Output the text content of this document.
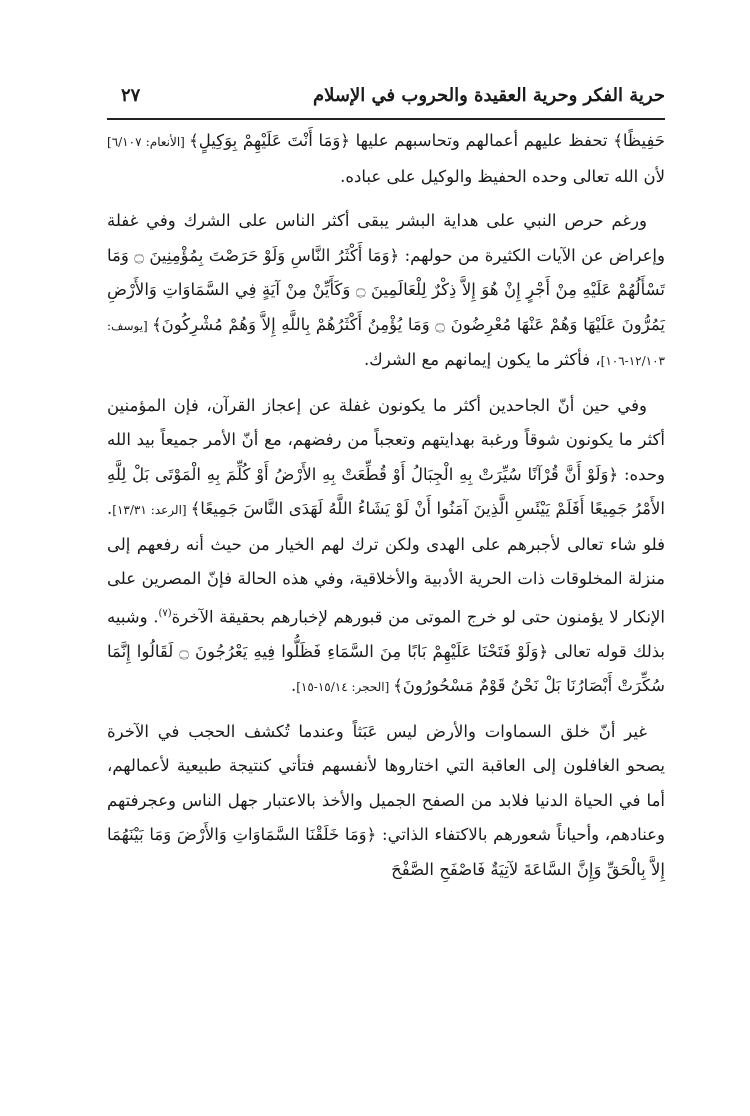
حرية الفكر وحرية العقيدة والحروب في الإسلام
٢٧

حَفِيظًا﴾ تحفظ عليهم أعمالهم وتحاسبهم عليها ﴿وَمَا أَنْتَ عَلَيْهِمْ بِوَكِيلٍ﴾ [الأنعام: ٦/١٠٧] لأن الله تعالى وحده الحفيظ والوكيل على عباده.

ورغم حرص النبي على هداية البشر يبقى أكثر الناس على الشرك وفي غفلة وإعراض عن الآيات الكثيرة من حولهم: ﴿وَمَا أَكْثَرُ النَّاسِ وَلَوْ حَرَصْتَ بِمُؤْمِنِينَ ۝ وَمَا تَسْأَلُهُمْ عَلَيْهِ مِنْ أَجْرٍ إِنْ هُوَ إِلاَّ ذِكْرٌ لِلْعَالَمِينَ ۝ وَكَأَيِّنْ مِنْ آيَةٍ فِي السَّمَاوَاتِ وَالأَرْضِ يَمُرُّونَ عَلَيْهَا وَهُمْ عَنْهَا مُعْرِضُونَ ۝ وَمَا يُؤْمِنُ أَكْثَرُهُمْ بِاللَّهِ إِلاَّ وَهُمْ مُشْرِكُونَ﴾ [يوسف: ١٢/١٠٣-١٠٦]، فأكثر ما يكون إيمانهم مع الشرك.

وفي حين أنّ الجاحدين أكثر ما يكونون غفلة عن إعجاز القرآن، فإن المؤمنين أكثر ما يكونون شوقاً ورغبة بهدايتهم وتعجباً من رفضهم، مع أنّ الأمر جميعاً بيد الله وحده: ﴿وَلَوْ أَنَّ قُرْآنًا سُيِّرَتْ بِهِ الْجِبَالُ أَوْ قُطِّعَتْ بِهِ الأَرْضُ أَوْ كُلِّمَ بِهِ الْمَوْتَى بَلْ لِلَّهِ الأَمْرُ جَمِيعًا أَفَلَمْ يَيْئَسِ الَّذِينَ آمَنُوا أَنْ لَوْ يَشَاءُ اللَّهُ لَهَدَى النَّاسَ جَمِيعًا﴾ [الرعد: ١٣/٣١]. فلو شاء تعالى لأجبرهم على الهدى ولكن ترك لهم الخيار من حيث أنه رفعهم إلى منزلة المخلوقات ذات الحرية الأدبية والأخلاقية، وفي هذه الحالة فإنّ المصرين على الإنكار لا يؤمنون حتى لو خرج الموتى من قبورهم لإخبارهم بحقيقة الآخرة$^{(٧)}$. وشبيه بذلك قوله تعالى ﴿وَلَوْ فَتَحْنَا عَلَيْهِمْ بَابًا مِنَ السَّمَاءِ فَظَلُّوا فِيهِ يَعْرُجُونَ ۝ لَقَالُوا إِنَّمَا سُكِّرَتْ أَبْصَارُنَا بَلْ نَحْنُ قَوْمٌ مَسْحُورُونَ﴾ [الحجر: ١٥/١٤-١٥].

غير أنّ خلق السماوات والأرض ليس عَبَثاً وعندما تُكشف الحجب في الآخرة يصحو الغافلون إلى العاقبة التي اختاروها لأنفسهم فتأتي كنتيجة طبيعية لأعمالهم، أما في الحياة الدنيا فلابد من الصفح الجميل والأخذ بالاعتبار جهل الناس وعجرفتهم وعنادهم، وأحياناً شعورهم بالاكتفاء الذاتي: ﴿وَمَا خَلَقْنَا السَّمَاوَاتِ وَالأَرْضَ وَمَا بَيْنَهُمَا إِلاَّ بِالْحَقِّ وَإِنَّ السَّاعَةَ لآتِيَةٌ فَاصْفَحِ الصَّفْحَ
